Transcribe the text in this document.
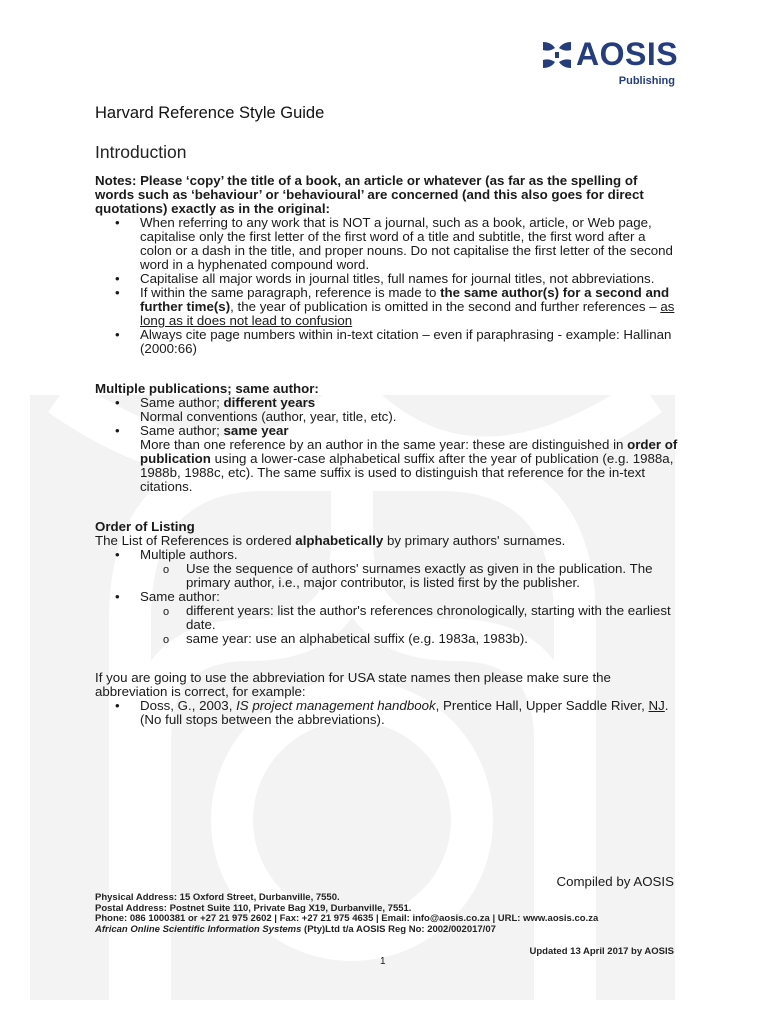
AOSIS
Publishing
Harvard Reference Style Guide
Introduction

Notes: Please ‘copy’ the title of a book, an article or whatever (as far as the spelling of words such as ‘behaviour’ or ‘behavioural’ are concerned (and this also goes for direct quotations) exactly as in the original:

• When referring to any work that is NOT a journal, such as a book, article, or Web page, capitalise only the first letter of the first word of a title and subtitle, the first word after a colon or a dash in the title, and proper nouns. Do not capitalise the first letter of the second word in a hyphenated compound word.
• Capitalise all major words in journal titles, full names for journal titles, not abbreviations.
• If within the same paragraph, reference is made to the same author(s) for a second and further time(s), the year of publication is omitted in the second and further references – as long as it does not lead to confusion
• Always cite page numbers within in-text citation – even if paraphrasing - example: Hallinan (2000:66)
Multiple publications; same author:
• Same author; different years
Normal conventions (author, year, title, etc).
• Same author; same year
More than one reference by an author in the same year: these are distinguished in order of publication using a lower-case alphabetical suffix after the year of publication (e.g. 1988a, 1988b, 1988c, etc). The same suffix is used to distinguish that reference for the in-text citations.
Order of Listing
The List of References is ordered alphabetically by primary authors' surnames.
• Multiple authors.
o Use the sequence of authors' surnames exactly as given in the publication. The primary author, i.e., major contributor, is listed first by the publisher.
• Same author:
o different years: list the author's references chronologically, starting with the earliest date.
o same year: use an alphabetical suffix (e.g. 1983a, 1983b).
If you are going to use the abbreviation for USA state names then please make sure the abbreviation is correct, for example:
• Doss, G., 2003, IS project management handbook, Prentice Hall, Upper Saddle River, NJ. (No full stops between the abbreviations).
Compiled by AOSIS
Physical Address: 15 Oxford Street, Durbanville, 7550.
Postal Address: Postnet Suite 110, Private Bag X19, Durbanville, 7551.
Phone: 086 1000381 or +27 21 975 2602 | Fax: +27 21 975 4635 | Email: info@aosis.co.za | URL: www.aosis.co.za
African Online Scientific Information Systems (Pty)Ltd t/a AOSIS Reg No: 2002/002017/07
Updated 13 April 2017 by AOSIS
1
